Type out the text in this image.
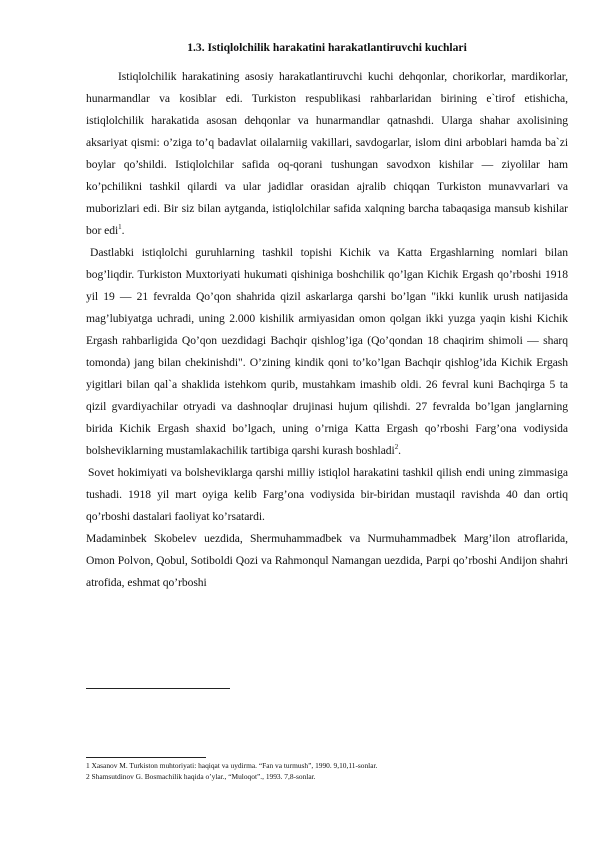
1.3. Istiqlolchilik harakatini harakatlantiruvchi kuchlari

Istiqlolchilik harakatining asosiy harakatlantiruvchi kuchi dehqonlar, chorikorlar, mardikorlar, hunarmandlar va kosiblar edi. Turkiston respublikasi rahbarlaridan birining e`tirof etishicha, istiqlolchilik harakatida asosan dehqonlar va hunarmandlar qatnashdi. Ularga shahar axolisining aksariyat qismi: o’ziga to’q badavlat oilalarniig vakillari, savdogarlar, islom dini arboblari hamda ba`zi boylar qo’shildi. Istiqlolchilar safida oq-qorani tushungan savodxon kishilar — ziyolilar ham ko’pchilikni tashkil qilardi va ular jadidlar orasidan ajralib chiqqan Turkiston munavvarlari va muborizlari edi. Bir siz bilan aytganda, istiqlolchilar safida xalqning barcha tabaqasiga mansub kishilar bor edi$^1$.

Dastlabki istiqlolchi guruhlarning tashkil topishi Kichik va Katta Ergashlarning nomlari bilan bog’liqdir. Turkiston Muxtoriyati hukumati qishiniga boshchilik qo’lgan Kichik Ergash qo’rboshi 1918 yil 19 — 21 fevralda Qo’qon shahrida qizil askarlarga qarshi bo’lgan "ikki kunlik urush natijasida mag’lubiyatga uchradi, uning 2.000 kishilik armiyasidan omon qolgan ikki yuzga yaqin kishi Kichik Ergash rahbarligida Qo’qon uezdidagi Bachqir qishlog’iga (Qo’qondan 18 chaqirim shimoli — sharq tomonda) jang bilan chekinishdi". O’zining kindik qoni to’ko’lgan Bachqir qishlog’ida Kichik Ergash yigitlari bilan qal`a shaklida istehkom qurib, mustahkam imashib oldi. 26 fevral kuni Bachqirga 5 ta qizil gvardiyachilar otryadi va dashnoqlar drujinasi hujum qilishdi. 27 fevralda bo’lgan janglarning birida Kichik Ergash shaxid bo’lgach, uning o’rniga Katta Ergash qo’rboshi Farg’ona vodiysida bolsheviklarning mustamlakachilik tartibiga qarshi kurash boshladi$^2$.

Sovet hokimiyati va bolsheviklarga qarshi milliy istiqlol harakatini tashkil qilish endi uning zimmasiga tushadi. 1918 yil mart oyiga kelib Farg’ona vodiysida bir-biridan mustaqil ravishda 40 dan ortiq qo’rboshi dastalari faoliyat ko’rsatardi.

Madaminbek Skobelev uezdida, Shermuhammadbek va Nurmuhammadbek Marg’ilon atroflarida, Omon Polvon, Qobul, Sotiboldi Qozi va Rahmonqul Namangan uezdida, Parpi qo’rboshi Andijon shahri atrofida, eshmat qo’rboshi

1 Xasanov M. Turkiston muhtoriyati: haqiqat va uydirma. “Fan va turmush”, 1990. 9,10,11-sonlar.

2 Shamsutdinov G. Bosmachilik haqida o’ylar., “Muloqot”., 1993. 7,8-sonlar.
